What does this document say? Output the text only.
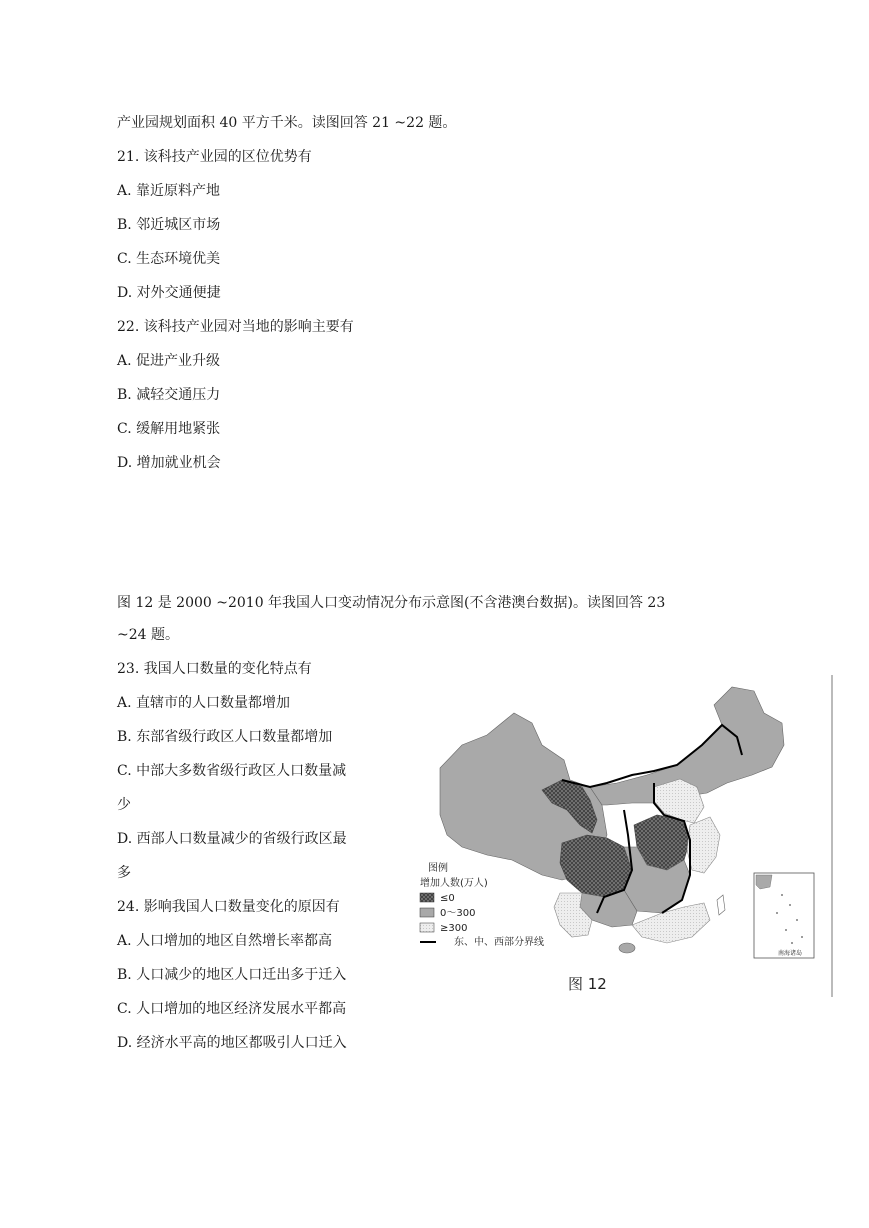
产业园规划面积 40 平方千米。读图回答 21 ~22 题。
21. 该科技产业园的区位优势有
A. 靠近原料产地
B. 邻近城区市场
C. 生态环境优美
D. 对外交通便捷
22. 该科技产业园对当地的影响主要有
A. 促进产业升级
B. 减轻交通压力
C. 缓解用地紧张
D. 增加就业机会
图 12 是 2000 ~2010 年我国人口变动情况分布示意图(不含港澳台数据)。读图回答 23
~24 题。
23. 我国人口数量的变化特点有
A. 直辖市的人口数量都增加
B. 东部省级行政区人口数量都增加
C. 中部大多数省级行政区人口数量减
少
D. 西部人口数量减少的省级行政区最
多
24. 影响我国人口数量变化的原因有
A. 人口增加的地区自然增长率都高
B. 人口减少的地区人口迁出多于迁入
C. 人口增加的地区经济发展水平都高
D. 经济水平高的地区都吸引人口迁入
图例
增加人数(万人)
≤0
0～300
≥300
东、中、西部分界线
图 12
南海诸岛
